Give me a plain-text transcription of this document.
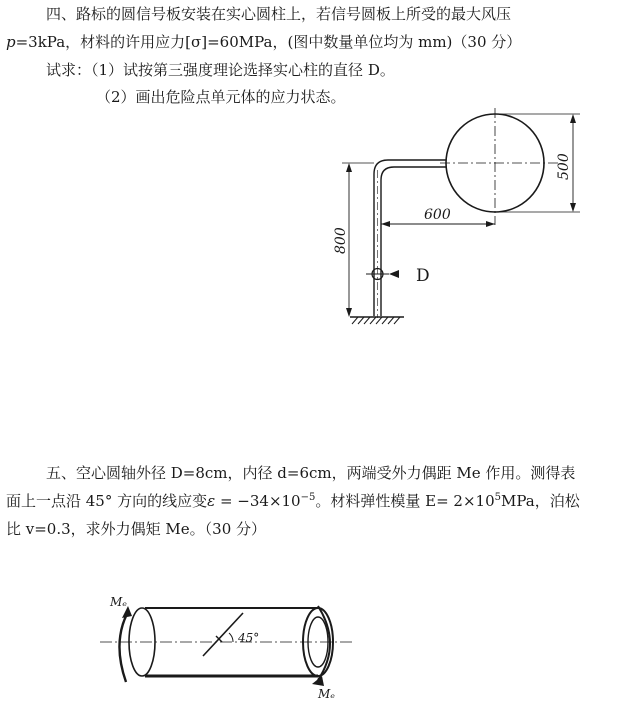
四、路标的圆信号板安装在实心圆柱上，若信号圆板上所受的最大风压
p=3kPa，材料的许用应力[σ]=60MPa，(图中数量单位均为 mm)（30 分）
试求：（1）试按第三强度理论选择实心柱的直径 D。
（2）画出危险点单元体的应力状态。
D
800
600
500
五、空心圆轴外径 D=8cm，内径 d=6cm，两端受外力偶距 Me 作用。测得表
面上一点沿 45° 方向的线应变$\varepsilon = -34\times 10^{-5}$。材料弹性模量 $E= 2\times 10^5MPa$，泊松
比 v=0.3，求外力偶矩 Me。（30 分）
45°
Mₑ
Mₑ
